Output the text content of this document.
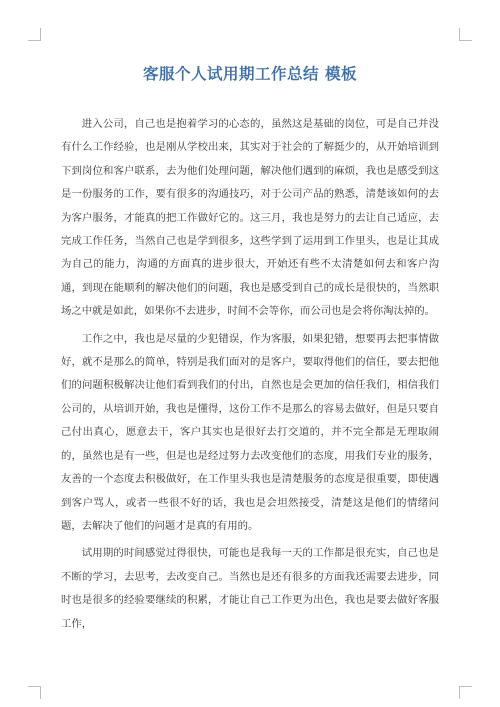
客服个人试用期工作总结 模板

进入公司，自己也是抱着学习的心态的，虽然这是基础的岗位，可是自己并没有什么工作经验，也是刚从学校出来，其实对于社会的了解挺少的，从开始培训到下到岗位和客户联系，去为他们处理问题，解决他们遇到的麻烦，我也是感受到这是一份服务的工作，要有很多的沟通技巧，对于公司产品的熟悉，清楚该如何的去为客户服务，才能真的把工作做好它的。这三月，我也是努力的去让自己适应，去完成工作任务，当然自己也是学到很多，这些学到了运用到工作里头，也是让其成为自己的能力，沟通的方面真的进步很大，开始还有些不太清楚如何去和客户沟通，到现在能顺利的解决他们的问题，我也是感受到自己的成长是很快的，当然职场之中就是如此，如果你不去进步，时间不会等你，而公司也是会将你淘汰掉的。

工作之中，我也是尽量的少犯错误，作为客服，如果犯错，想要再去把事情做好，就不是那么的简单，特别是我们面对的是客户，要取得他们的信任，要去把他们的问题积极解决让他们看到我们的付出，自然也是会更加的信任我们，相信我们公司的，从培训开始，我也是懂得，这份工作不是那么的容易去做好，但是只要自己付出真心，愿意去干，客户其实也是很好去打交道的，并不完全都是无理取闹的，虽然也是有一些，但是也是经过努力去改变他们的态度，用我们专业的服务，友善的一个态度去积极做好，在工作里头我也是清楚服务的态度是很重要，即使遇到客户骂人，或者一些很不好的话，我也是会坦然接受，清楚这是他们的情绪问题，去解决了他们的问题才是真的有用的。

试用期的时间感觉过得很快，可能也是我每一天的工作都是很充实，自己也是不断的学习，去思考，去改变自己。当然也是还有很多的方面我还需要去进步，同时也是很多的经验要继续的积累，才能让自己工作更为出色，我也是要去做好客服工作，
